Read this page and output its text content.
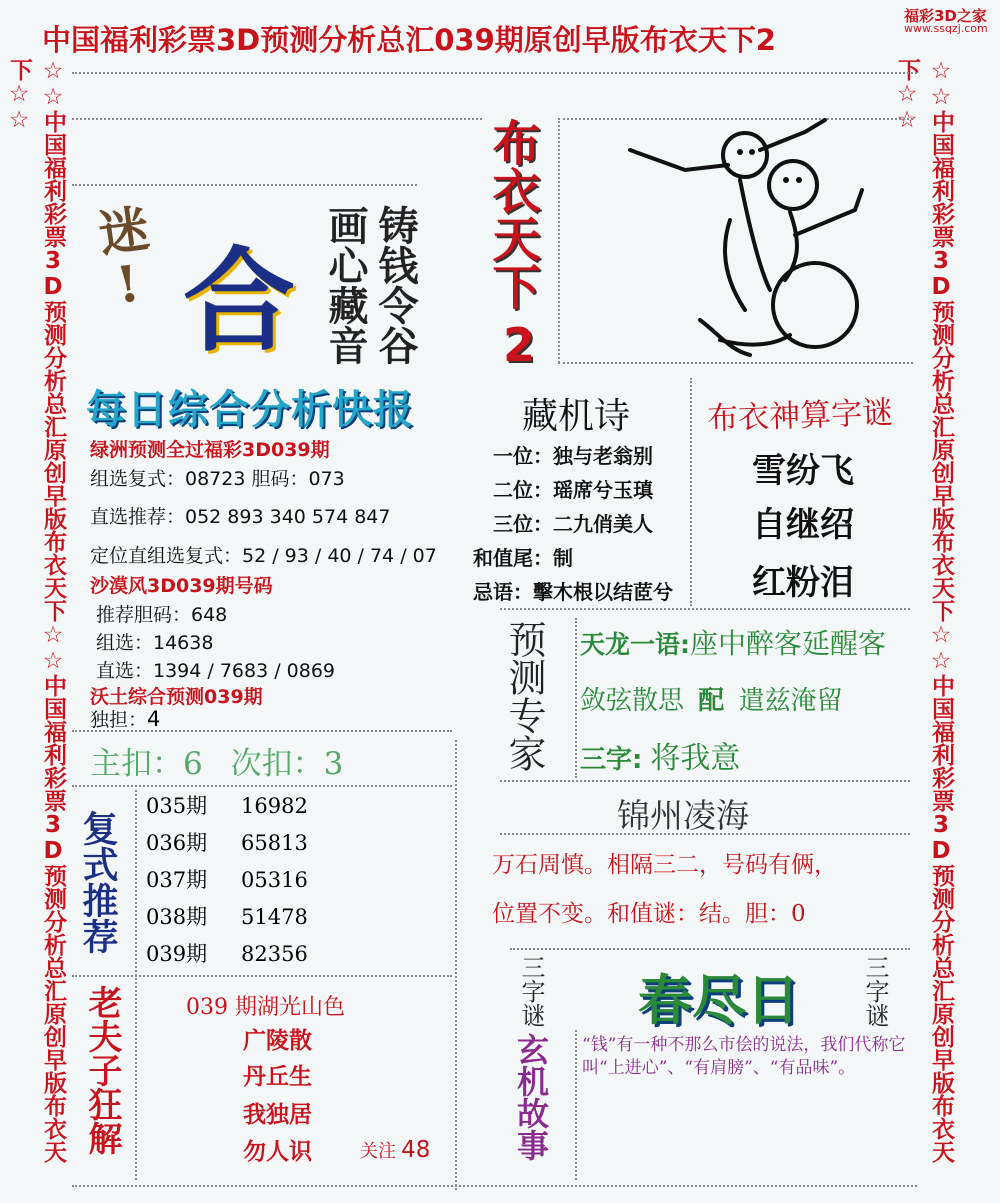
中国福利彩票3D预测分析总汇039期原创早版布衣天下2
福彩3D之家
www.ssqzj.com
☆☆中国福利彩票3D预测分析总汇原创早版布衣天下☆☆中国福利彩票3D预测分析总汇原创早版布衣天下☆☆	☆☆中国福利彩票3D预测分析总汇原创早版布衣天下☆☆中国福利彩票3D预测分析总汇原创早版布衣天下☆☆
迷! 合 铸钱令谷
画心藏音 布衣天下
2
每日综合分析快报
绿洲预测全过福彩3D039期
组选复式：08723 胆码：073
直选推荐：052 893 340 574 847
定位直组选复式：52 / 93 / 40 / 74 / 07
沙漠风3D039期号码
推荐胆码：648
组选：14638
直选：1394 / 7683 / 0869
沃土综合预测039期
独担：4
主扣：6 次扣：3
藏机诗
一位：独与老翁别
二位：瑶席兮玉瑱
三位：二九俏美人
和值尾：制
忌语：擊木根以结茝兮
布衣神算字谜
雪纷飞
自继绍
红粉泪
预测专家 天龙一语:座中醉客延醒客
敛弦散思 配 遣兹淹留
三字: 将我意
锦州凌海
万石周慎。相隔三二，号码有俩，
位置不变。和值谜：结。胆：0
复式推荐
035期 16982
036期 65813
037期 05316
038期 51478
039期 82356
老夫子狂解	039 期湖光山色
广陵散
丹丘生
我独居
勿人识	关注 48
三字谜	三字谜
春尽日
玄机故事 “钱”有一种不那么市侩的说法，我们代称它叫“上进心”、“有肩膀”、“有品味”。
